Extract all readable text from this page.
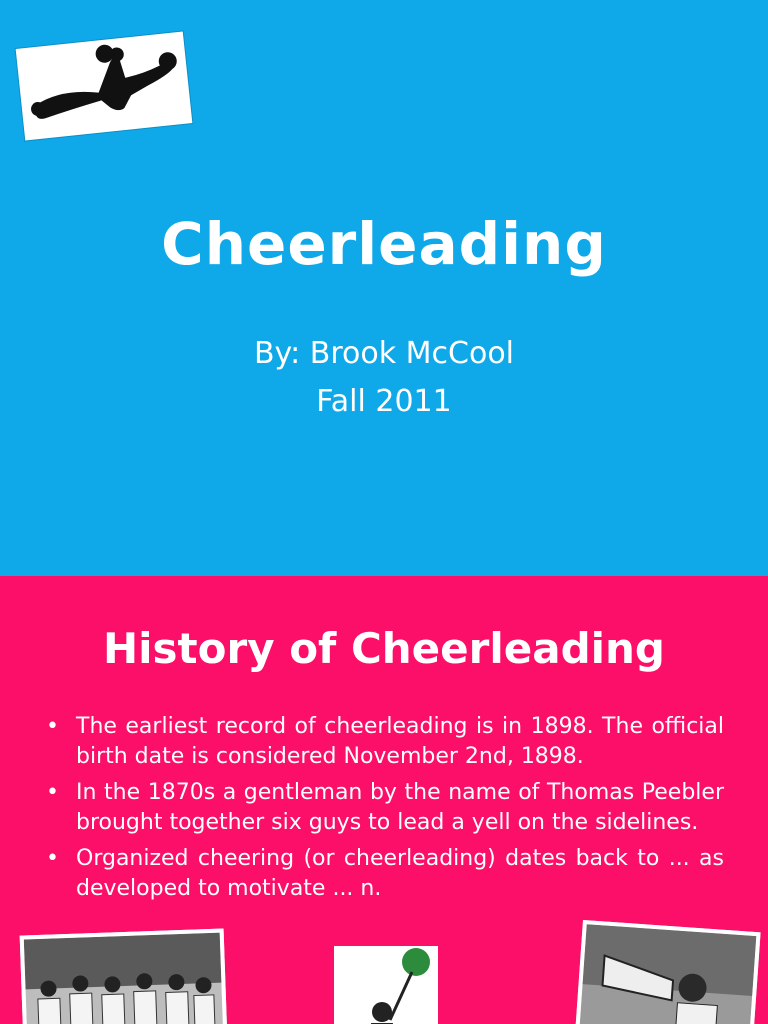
Cheerleading
By: Brook McCool
Fall 2011
History of Cheerleading
• The earliest record of cheerleading is in 1898. The official birth date is considered November 2nd, 1898.
• In the 1870s a gentleman by the name of Thomas Peebler brought together six guys to lead a yell on the sidelines.
• Organized cheering (or cheerleading) dates back to ... as developed to motivate ... n.
